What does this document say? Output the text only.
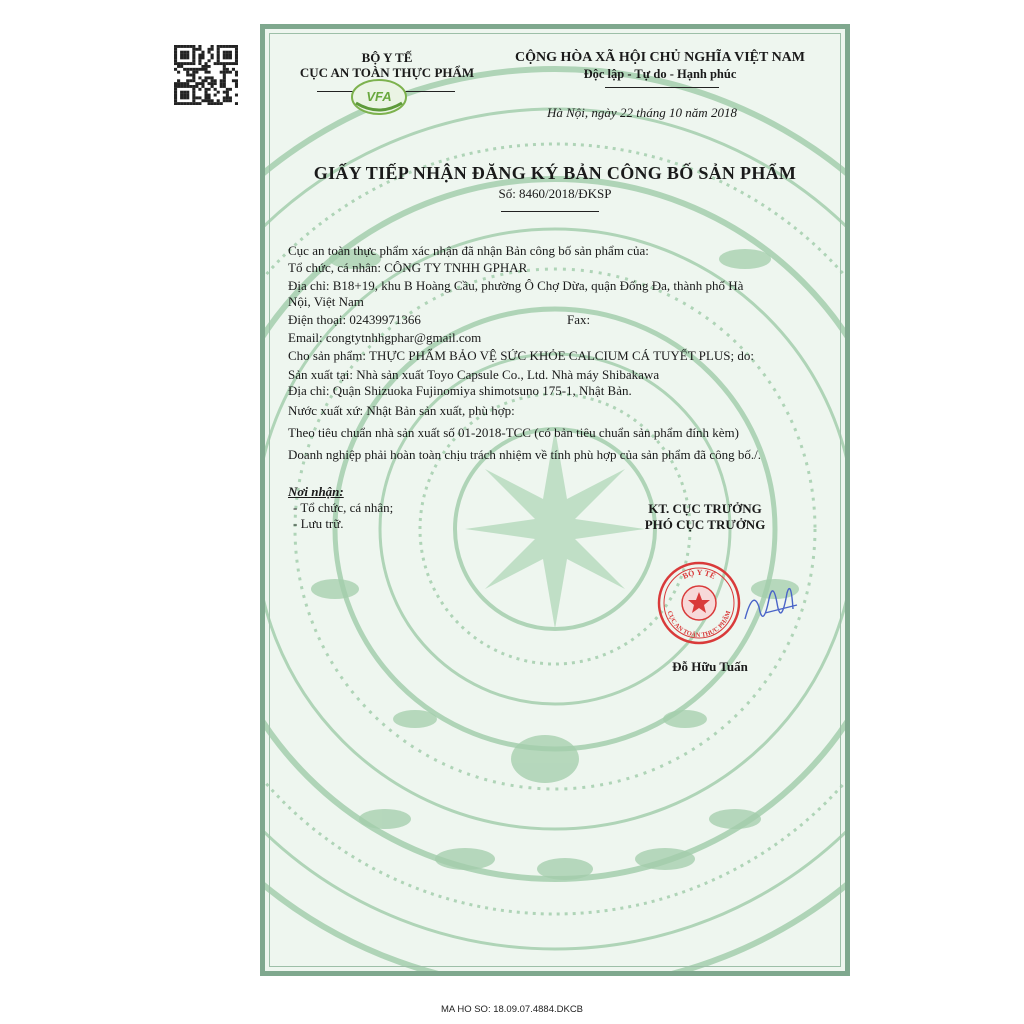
BỘ Y TẾ
CỤC AN TOÀN THỰC PHẨM
VFA
CỘNG HÒA XÃ HỘI CHỦ NGHĨA VIỆT NAM
Độc lập - Tự do - Hạnh phúc
Hà Nội, ngày 22 tháng 10 năm 2018
GIẤY TIẾP NHẬN ĐĂNG KÝ BẢN CÔNG BỐ SẢN PHẨM
Số: 8460/2018/ĐKSP
Cục an toàn thực phẩm xác nhận đã nhận Bản công bố sản phẩm của:
Tổ chức, cá nhân: CÔNG TY TNHH GPHAR
Địa chỉ: B18+19, khu B Hoàng Cầu, phường Ô Chợ Dừa, quận Đống Đa, thành phố Hà
Nội, Việt Nam
Điện thoại: 02439971366	Fax:
Email: congtytnhhgphar@gmail.com
Cho sản phẩm: THỰC PHẨM BẢO VỆ SỨC KHỎE CALCIUM CÁ TUYẾT PLUS; do:
Sản xuất tại: Nhà sản xuất Toyo Capsule Co., Ltd. Nhà máy Shibakawa
Địa chỉ: Quận Shizuoka Fujinomiya shimotsuno 175-1, Nhật Bản.
Nước xuất xứ: Nhật Bản sản xuất, phù hợp:
Theo tiêu chuẩn nhà sản xuất số 01-2018-TCC (có bản tiêu chuẩn sản phẩm đính kèm)
Doanh nghiệp phải hoàn toàn chịu trách nhiệm về tính phù hợp của sản phẩm đã công bố./.
Nơi nhận:
- Tổ chức, cá nhân;
- Lưu trữ.
KT. CỤC TRƯỞNG
PHÓ CỤC TRƯỞNG
BỘ Y TẾ
CỤC AN TOÀN THỰC PHẨM
Đỗ Hữu Tuấn
MA HO SO: 18.09.07.4884.DKCB
